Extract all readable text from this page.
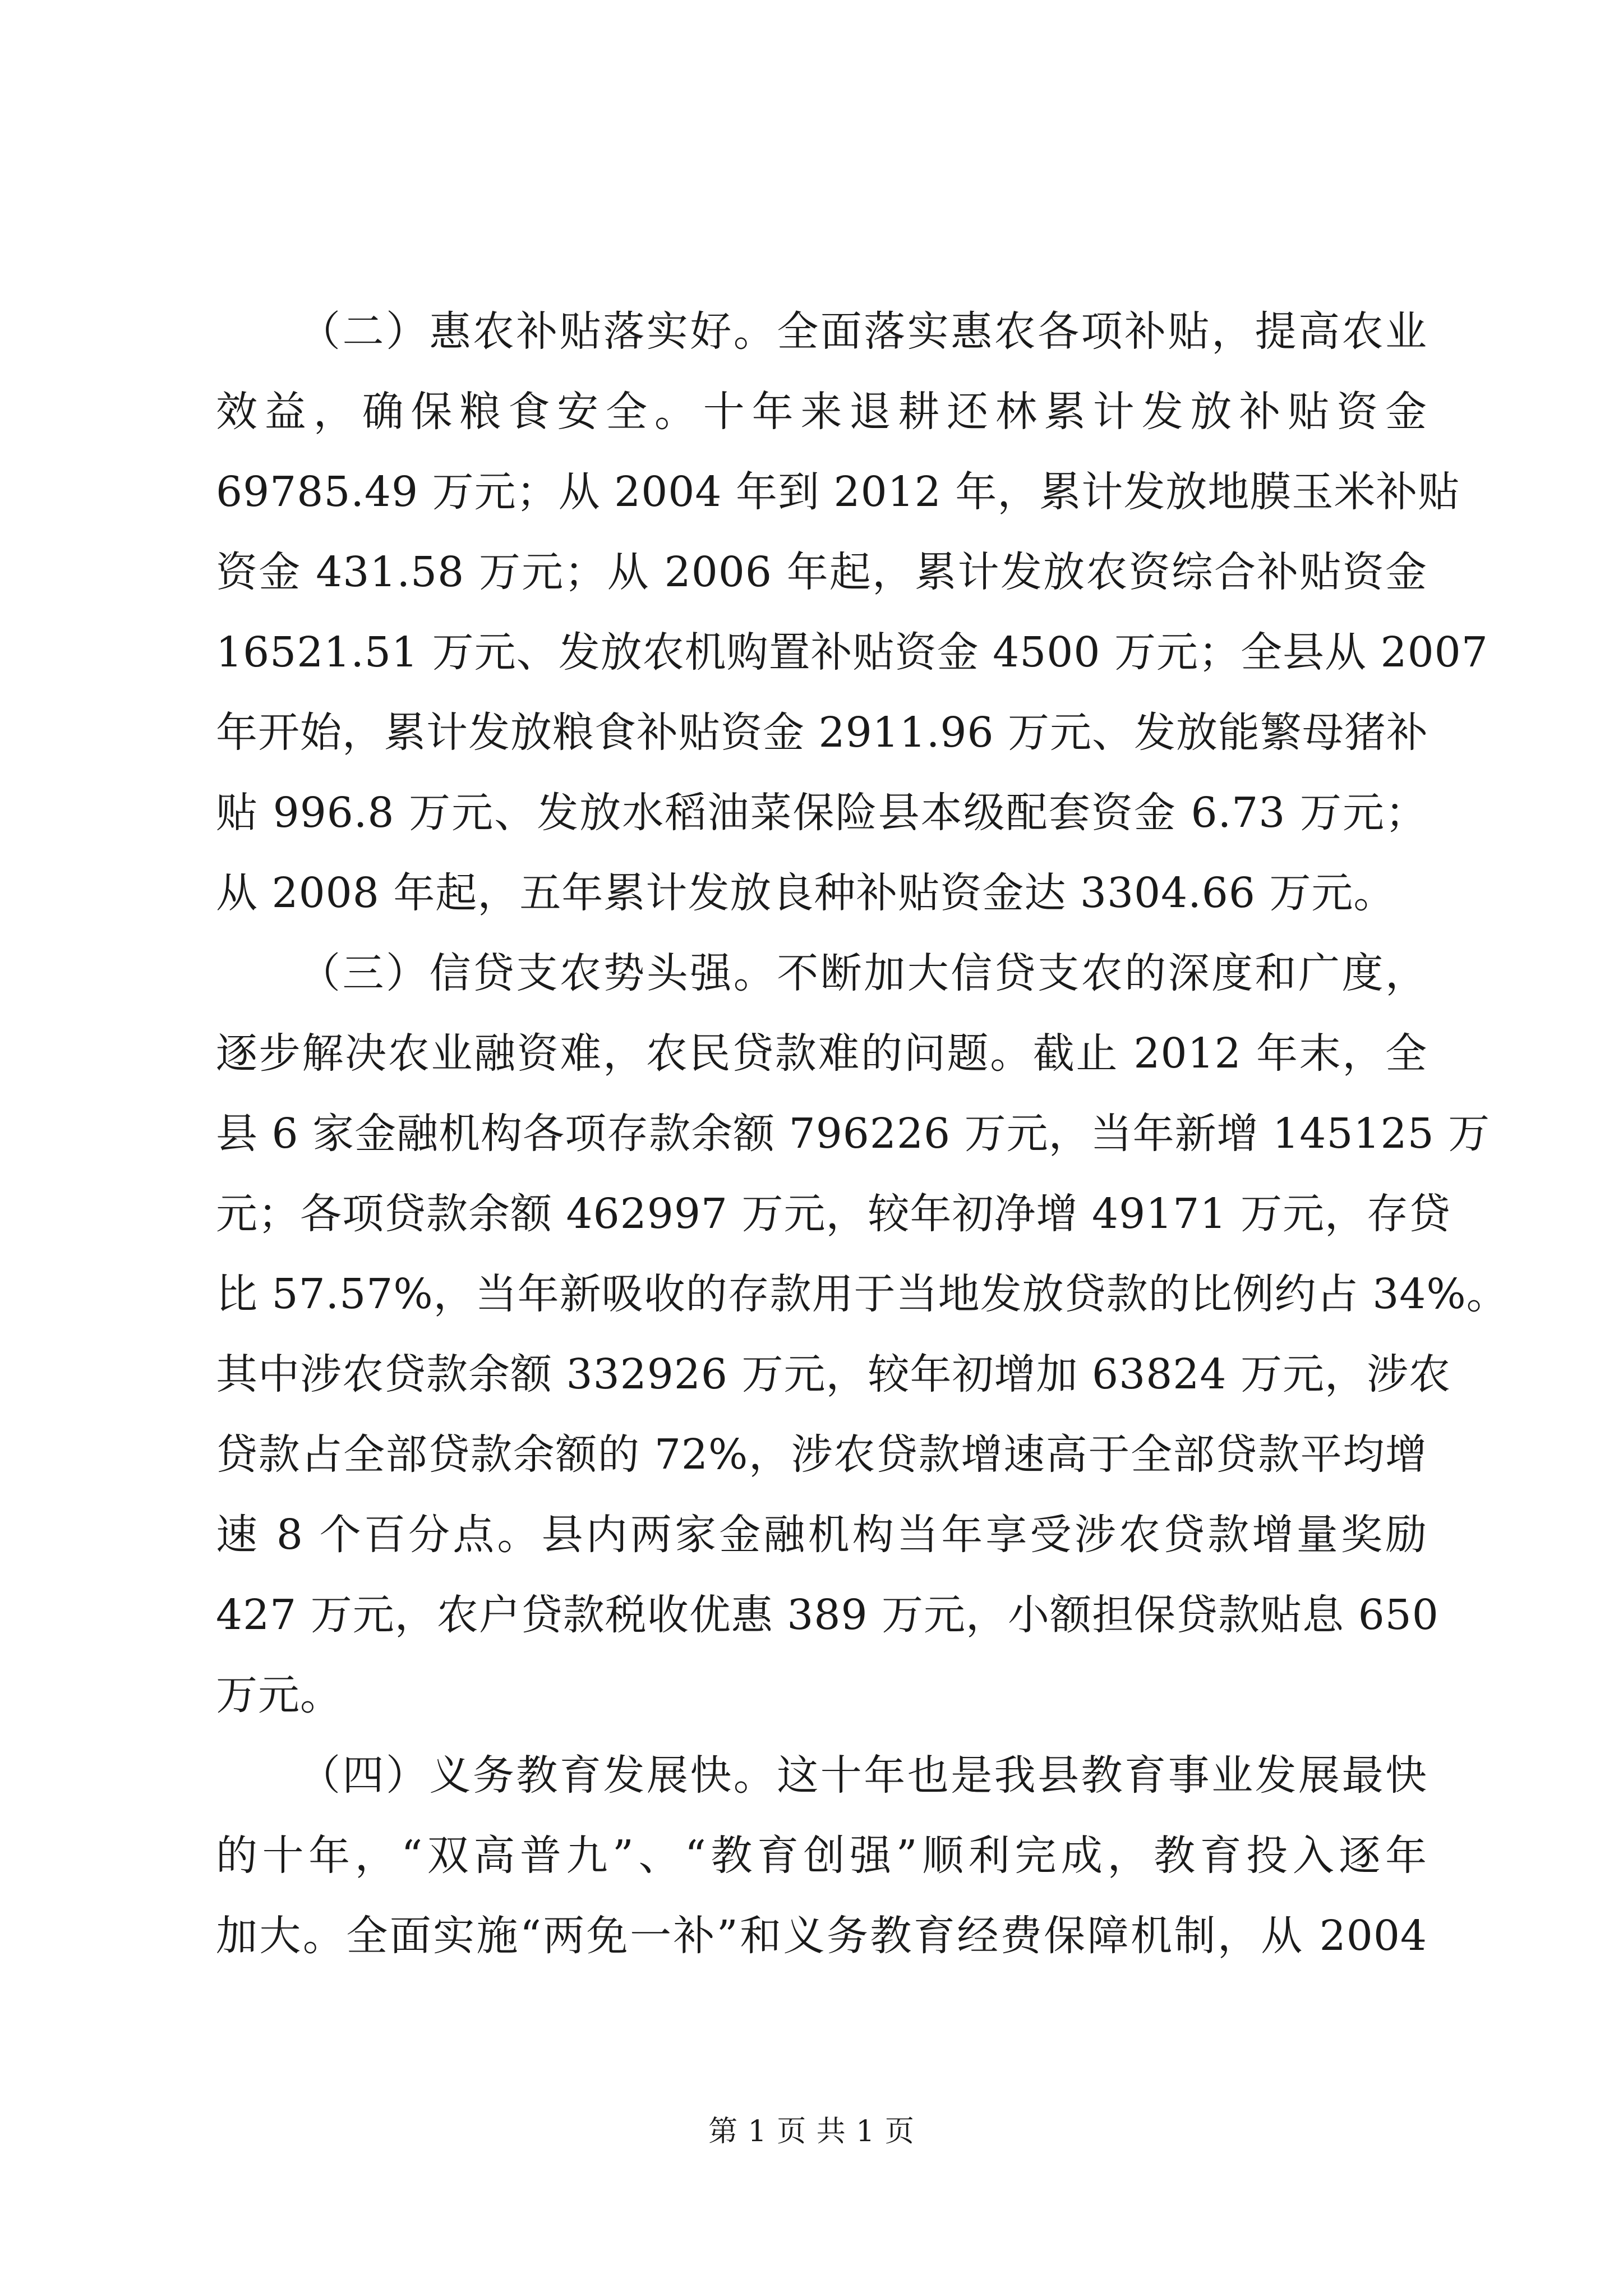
（二）惠农补贴落实好。全面落实惠农各项补贴，提高农业
效益，确保粮食安全。十年来退耕还林累计发放补贴资金
69785.49 万元；从 2004 年到 2012 年，累计发放地膜玉米补贴
资金 431.58 万元；从 2006 年起，累计发放农资综合补贴资金
16521.51 万元、发放农机购置补贴资金 4500 万元；全县从 2007
年开始，累计发放粮食补贴资金 2911.96 万元、发放能繁母猪补
贴 996.8 万元、发放水稻油菜保险县本级配套资金 6.73 万元；
从 2008 年起，五年累计发放良种补贴资金达 3304.66 万元。
（三）信贷支农势头强。不断加大信贷支农的深度和广度，
逐步解决农业融资难，农民贷款难的问题。截止 2012 年末，全
县 6 家金融机构各项存款余额 796226 万元，当年新增 145125 万
元；各项贷款余额 462997 万元，较年初净增 49171 万元，存贷
比 57.57%，当年新吸收的存款用于当地发放贷款的比例约占 34%。
其中涉农贷款余额 332926 万元，较年初增加 63824 万元，涉农
贷款占全部贷款余额的 72%，涉农贷款增速高于全部贷款平均增
速 8 个百分点。县内两家金融机构当年享受涉农贷款增量奖励
427 万元，农户贷款税收优惠 389 万元，小额担保贷款贴息 650
万元。
（四）义务教育发展快。这十年也是我县教育事业发展最快
的十年，“双高普九”、“教育创强”顺利完成，教育投入逐年
加大。全面实施“两免一补”和义务教育经费保障机制，从 2004
第 1 页 共 1 页
